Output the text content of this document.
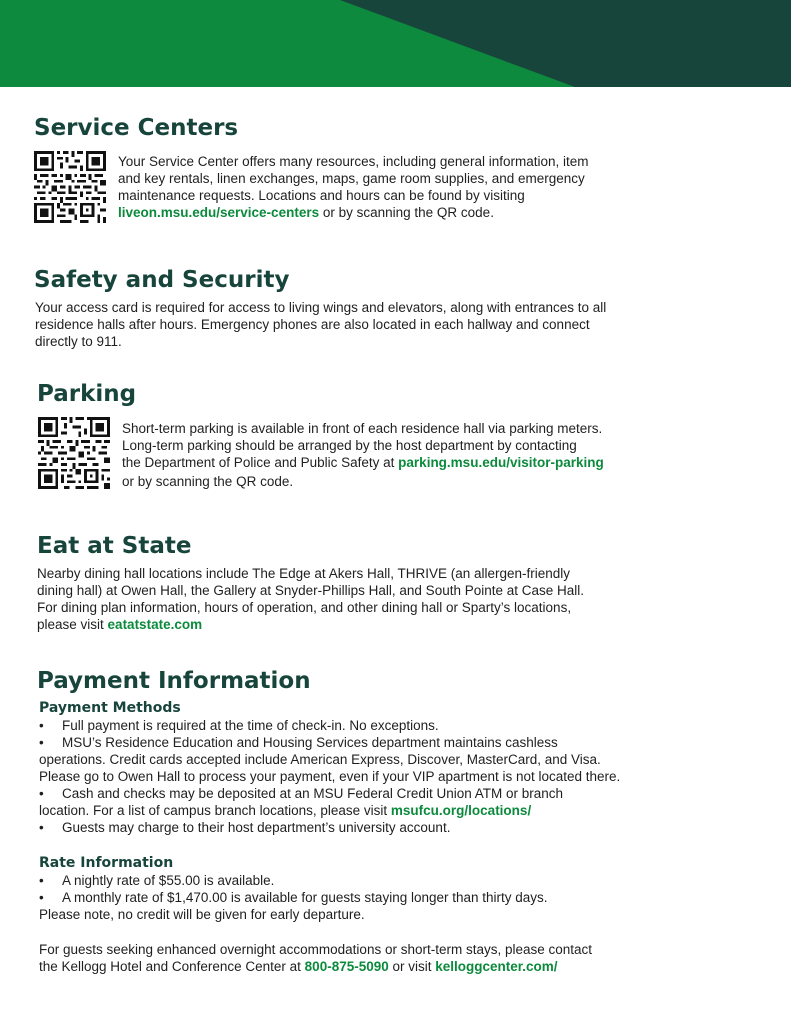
Service Centers
Your Service Center offers many resources, including general information, item
and key rentals, linen exchanges, maps, game room supplies, and emergency
maintenance requests. Locations and hours can be found by visiting
liveon.msu.edu/service-centers or by scanning the QR code.
Safety and Security
Your access card is required for access to living wings and elevators, along with entrances to all
residence halls after hours. Emergency phones are also located in each hallway and connect
directly to 911.
Parking
Short-term parking is available in front of each residence hall via parking meters.
Long-term parking should be arranged by the host department by contacting
the Department of Police and Public Safety at parking.msu.edu/visitor-parking
or by scanning the QR code.
Eat at State
Nearby dining hall locations include The Edge at Akers Hall, THRIVE (an allergen-friendly
dining hall) at Owen Hall, the Gallery at Snyder-Phillips Hall, and South Pointe at Case Hall.
For dining plan information, hours of operation, and other dining hall or Sparty’s locations,
please visit eatatstate.com
Payment Information
Payment Methods
• Full payment is required at the time of check-in. No exceptions.
• MSU’s Residence Education and Housing Services department maintains cashless
operations. Credit cards accepted include American Express, Discover, MasterCard, and Visa.
Please go to Owen Hall to process your payment, even if your VIP apartment is not located there.
• Cash and checks may be deposited at an MSU Federal Credit Union ATM or branch
location. For a list of campus branch locations, please visit msufcu.org/locations/
• Guests may charge to their host department’s university account.
Rate Information
• A nightly rate of $55.00 is available.
• A monthly rate of $1,470.00 is available for guests staying longer than thirty days.
Please note, no credit will be given for early departure.
For guests seeking enhanced overnight accommodations or short-term stays, please contact
the Kellogg Hotel and Conference Center at 800-875-5090 or visit kelloggcenter.com/
